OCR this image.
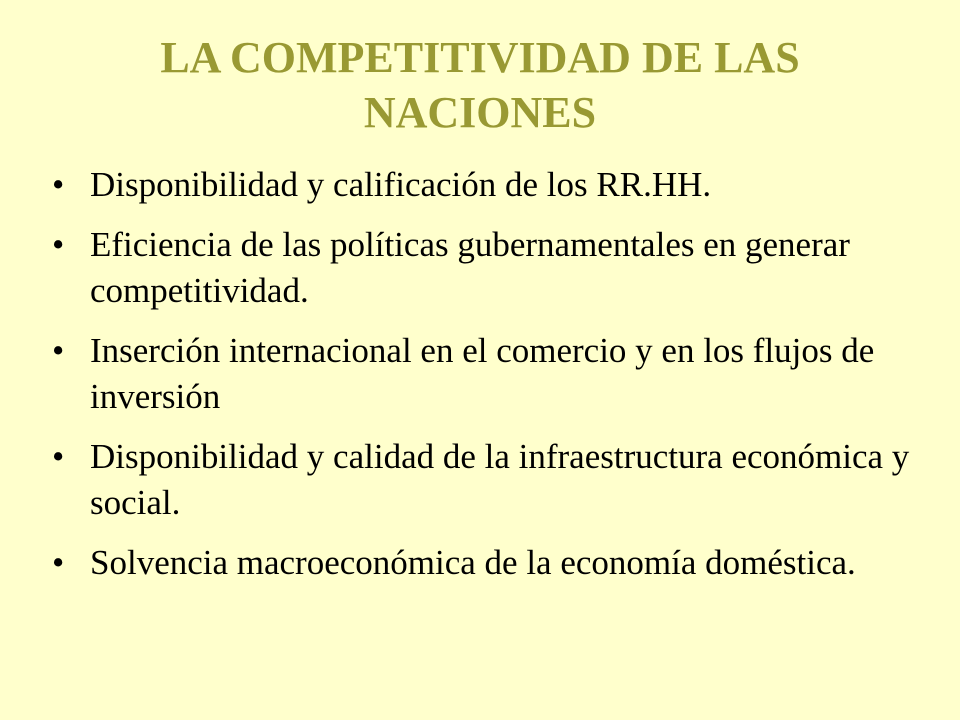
LA COMPETITIVIDAD DE LAS NACIONES
• Disponibilidad y calificación de los RR.HH.
• Eficiencia de las políticas gubernamentales en generar competitividad.
• Inserción internacional en el comercio y en los flujos de inversión
• Disponibilidad y calidad de la infraestructura económica y social.
• Solvencia macroeconómica de la economía doméstica.
